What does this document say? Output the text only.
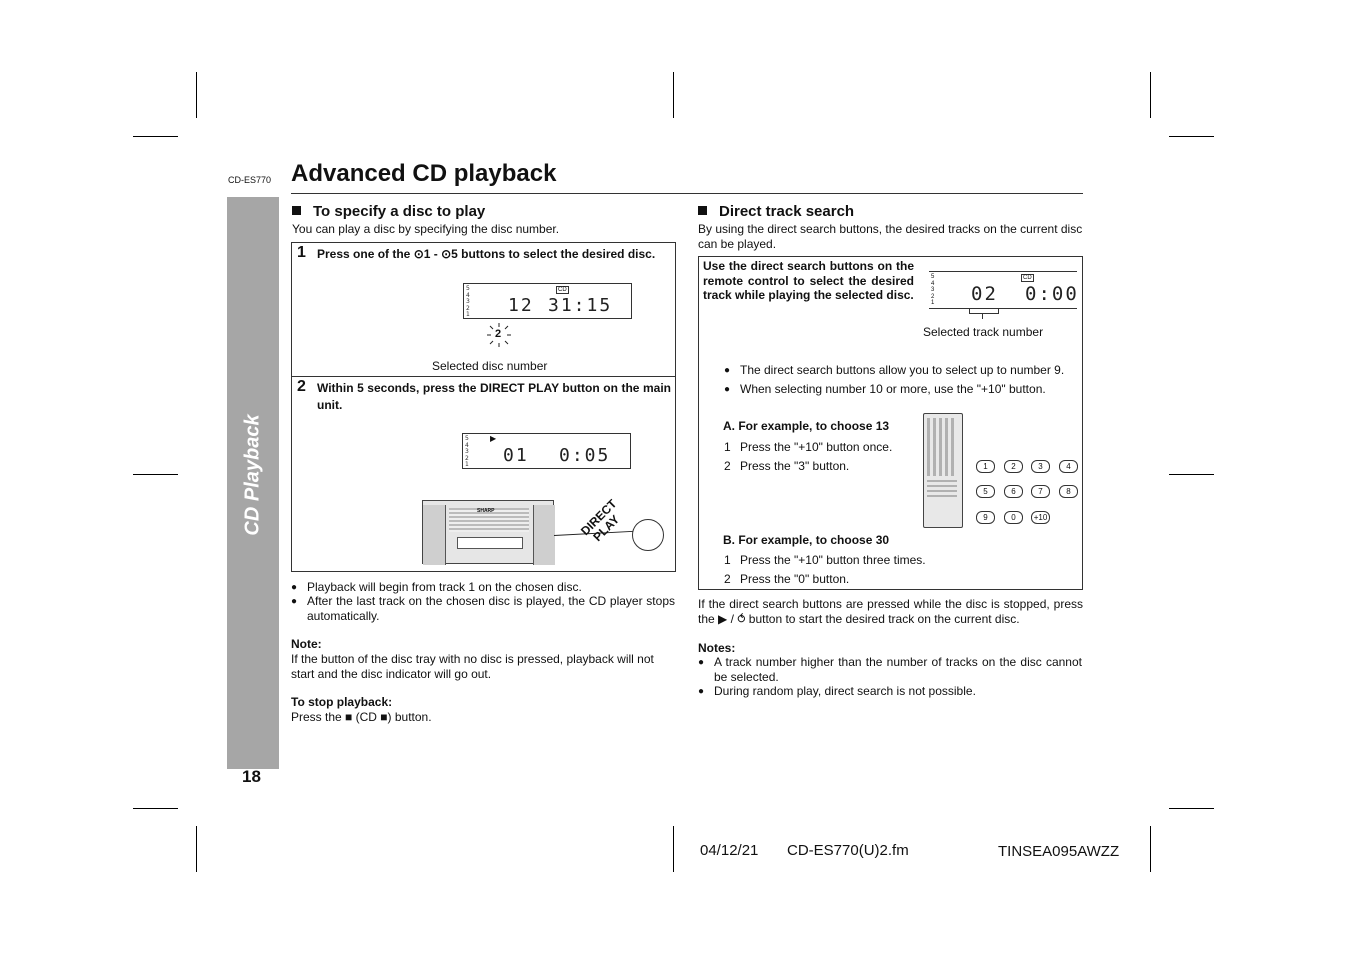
CD-ES770 Advanced CD playback
CD Playback
18
To specify a disc to play
You can play a disc by specifying the disc number.
1 Press one of the ⊙1 - ⊙5 buttons to select the desired disc.
5
4
3
2
1
CD
12 31:15
2
Selected disc number
2 Within 5 seconds, press the DIRECT PLAY button on the main unit.
5
4
3
2
1
▶
01 0:05
SHARP	DIRECT PLAY
● Playback will begin from track 1 on the chosen disc.
● After the last track on the chosen disc is played, the CD player stops automatically.
Note:
If the button of the disc tray with no disc is pressed, playback will not start and the disc indicator will go out.
To stop playback:
Press the ■ (CD ■) button.
Direct track search
By using the direct search buttons, the desired tracks on the current disc can be played.
Use the direct search buttons on the remote control to select the desired track while playing the selected disc.
5
4
3
2
1
CD
02 0:00
Selected track number
● The direct search buttons allow you to select up to number 9.
● When selecting number 10 or more, use the "+10" button.
A. For example, to choose 13
1 Press the "+10" button once.
2 Press the "3" button.	1	2	3	4
5	6	7	8
9	0	+10
B. For example, to choose 30
1 Press the "+10" button three times.
2 Press the "0" button.
If the direct search buttons are pressed while the disc is stopped, press the ▶ / ⥀ button to start the desired track on the current disc.
Notes:
● A track number higher than the number of tracks on the disc cannot be selected.
● During random play, direct search is not possible.
04/12/21 CD-ES770(U)2.fm	TINSEA095AWZZ
